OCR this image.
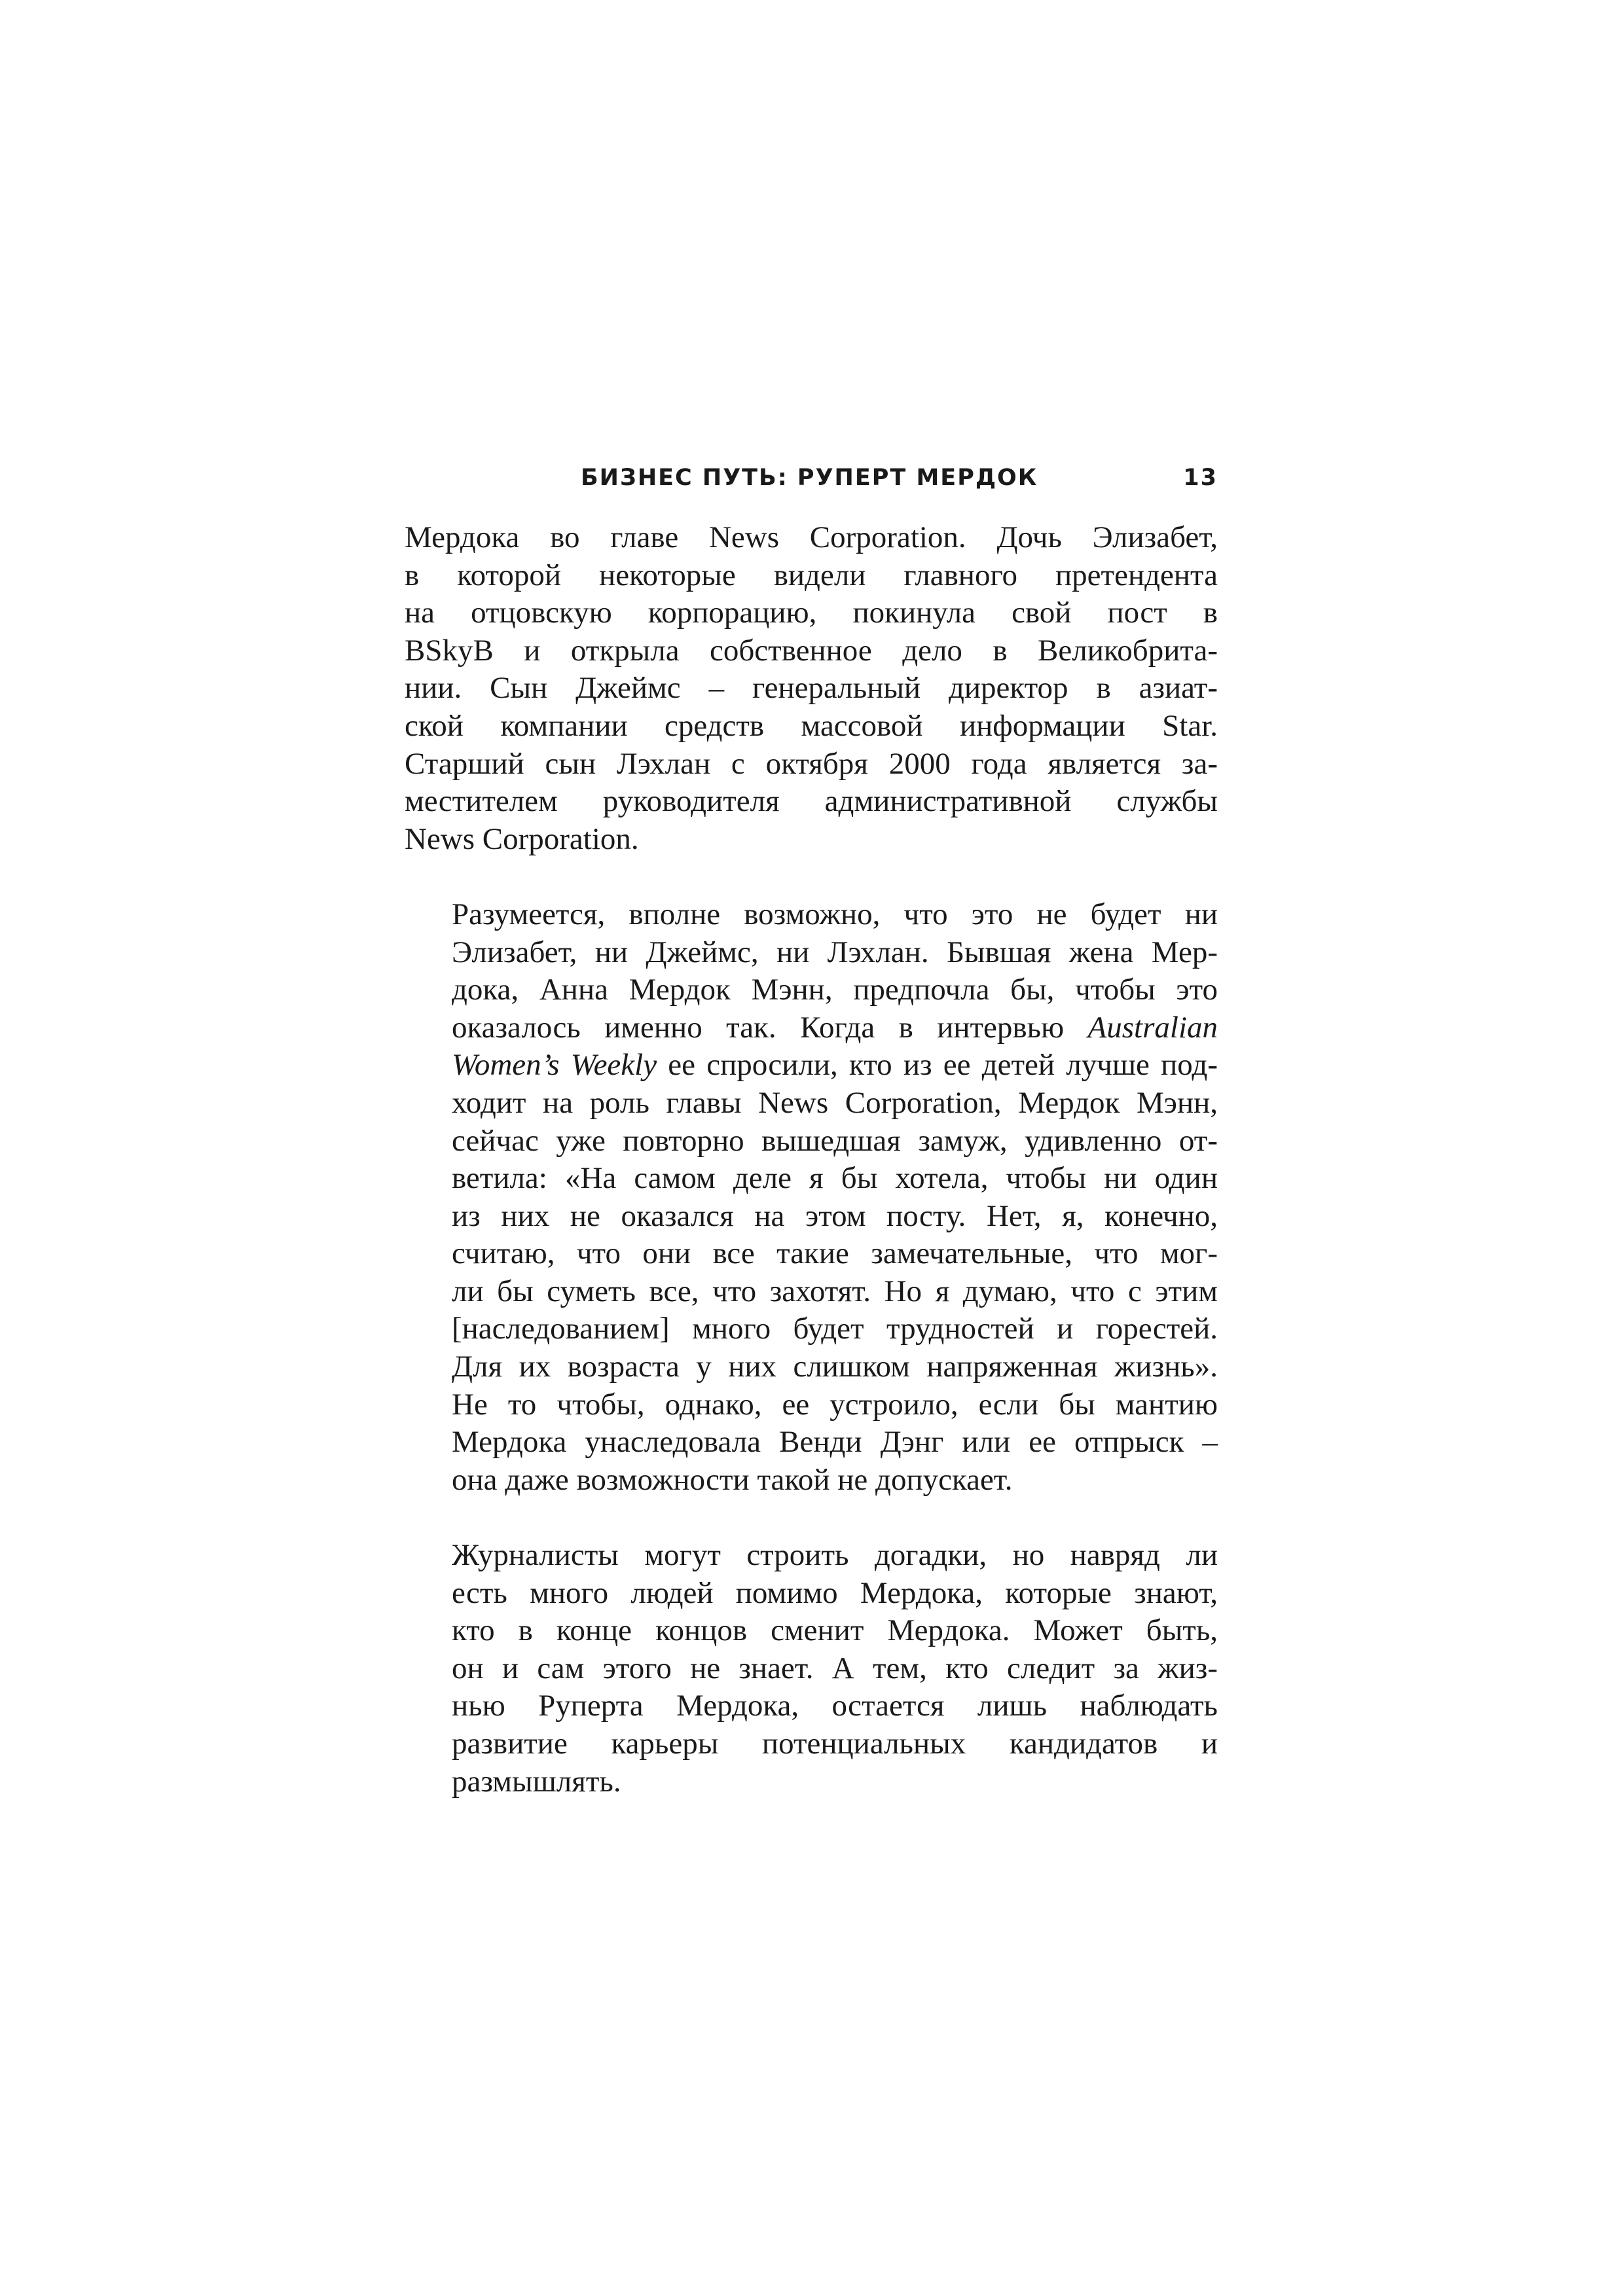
БИЗНЕС ПУТЬ: РУПЕРТ МЕРДОК	13

Мердока во главе News Corporation. Дочь Элизабет,
в которой некоторые видели главного претендента
на отцовскую корпорацию, покинула свой пост в
BSkyB и открыла собственное дело в Великобрита-
нии. Сын Джеймс – генеральный директор в азиат-
ской компании средств массовой информации Star.
Старший сын Лэхлан с октября 2000 года является за-
местителем руководителя административной службы
News Corporation.

Разумеется, вполне возможно, что это не будет ни
Элизабет, ни Джеймс, ни Лэхлан. Бывшая жена Мер-
дока, Анна Мердок Мэнн, предпочла бы, чтобы это
оказалось именно так. Когда в интервью Australian
Women’s Weekly ее спросили, кто из ее детей лучше под-
ходит на роль главы News Corporation, Мердок Мэнн,
сейчас уже повторно вышедшая замуж, удивленно от-
ветила: «На самом деле я бы хотела, чтобы ни один
из них не оказался на этом посту. Нет, я, конечно,
считаю, что они все такие замечательные, что мог-
ли бы суметь все, что захотят. Но я думаю, что с этим
[наследованием] много будет трудностей и горестей.
Для их возраста у них слишком напряженная жизнь».
Не то чтобы, однако, ее устроило, если бы мантию
Мердока унаследовала Венди Дэнг или ее отпрыск –
она даже возможности такой не допускает.

Журналисты могут строить догадки, но навряд ли
есть много людей помимо Мердока, которые знают,
кто в конце концов сменит Мердока. Может быть,
он и сам этого не знает. А тем, кто следит за жиз-
нью Руперта Мердока, остается лишь наблюдать
развитие карьеры потенциальных кандидатов и
размышлять.
